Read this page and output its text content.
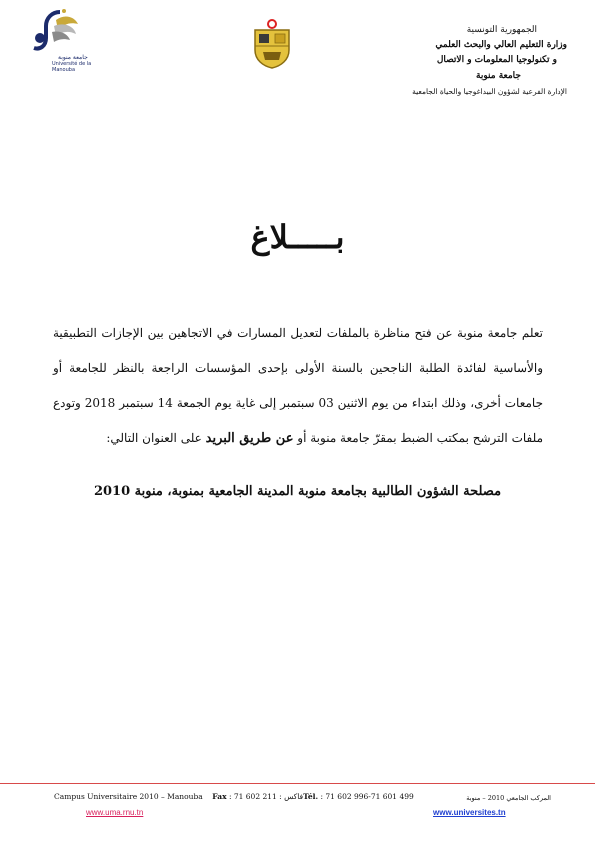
جامعة منوبة
Université de la Manouba
الجمهورية التونسية
وزارة التعليم العالي والبحث العلمي
و تكنولوجيا المعلومات و الاتصال
جامعة منوبة
الإدارة الفرعية لشؤون البيداغوجيا والحياة الجامعية
بـــــلاغ

تعلم جامعة منوبة عن فتح مناظرة بالملفات لتعديل المسارات في الاتجاهين بين الإجازات التطبيقية والأساسية لفائدة الطلبة الناجحين بالسنة الأولى بإحدى المؤسسات الراجعة بالنظر للجامعة أو جامعات أخرى، وذلك ابتداء من يوم الاثنين 03 سبتمبر إلى غاية يوم الجمعة 14 سبتمبر 2018 وتودع ملفات الترشح بمكتب الضبط بمقرّ جامعة منوبة أو عن طريق البريد على العنوان التالي:

مصلحة الشؤون الطالبية بجامعة منوبة المدينة الجامعية بمنوبة، منوبة 2010
Campus Universitaire 2010 – Manouba Fax : 71 602 211 : فاكسTél. : 71 602 996-71 601 499	المركب الجامعي 2010 – منوبة
www.uma.rnu.tn	www.universites.tn
